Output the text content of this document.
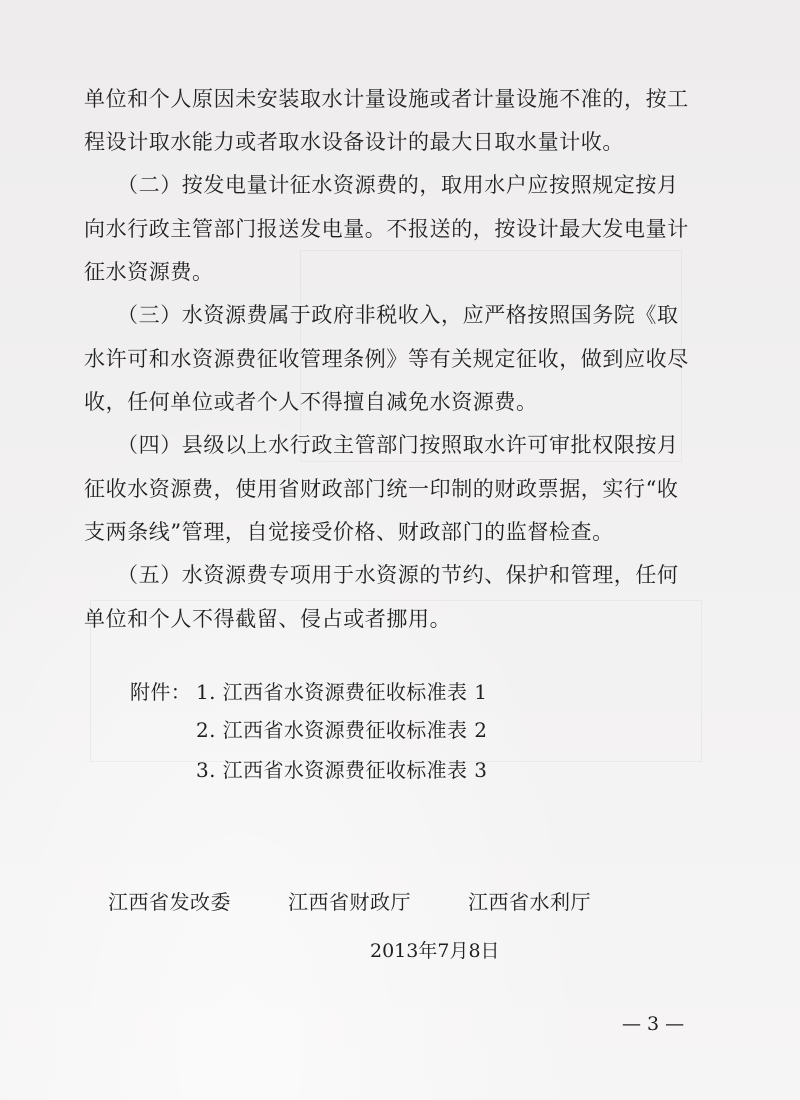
单位和个人原因未安装取水计量设施或者计量设施不准的，按工
程设计取水能力或者取水设备设计的最大日取水量计收。
（二）按发电量计征水资源费的，取用水户应按照规定按月
向水行政主管部门报送发电量。不报送的，按设计最大发电量计
征水资源费。
（三）水资源费属于政府非税收入，应严格按照国务院《取
水许可和水资源费征收管理条例》等有关规定征收，做到应收尽
收，任何单位或者个人不得擅自减免水资源费。
（四）县级以上水行政主管部门按照取水许可审批权限按月
征收水资源费，使用省财政部门统一印制的财政票据，实行“收
支两条线”管理，自觉接受价格、财政部门的监督检查。
（五）水资源费专项用于水资源的节约、保护和管理，任何
单位和个人不得截留、侵占或者挪用。
附件： 1. 江西省水资源费征收标准表 1
2. 江西省水资源费征收标准表 2
3. 江西省水资源费征收标准表 3
江西省发改委	江西省财政厅	江西省水利厅
2013年7月8日
— 3 —
